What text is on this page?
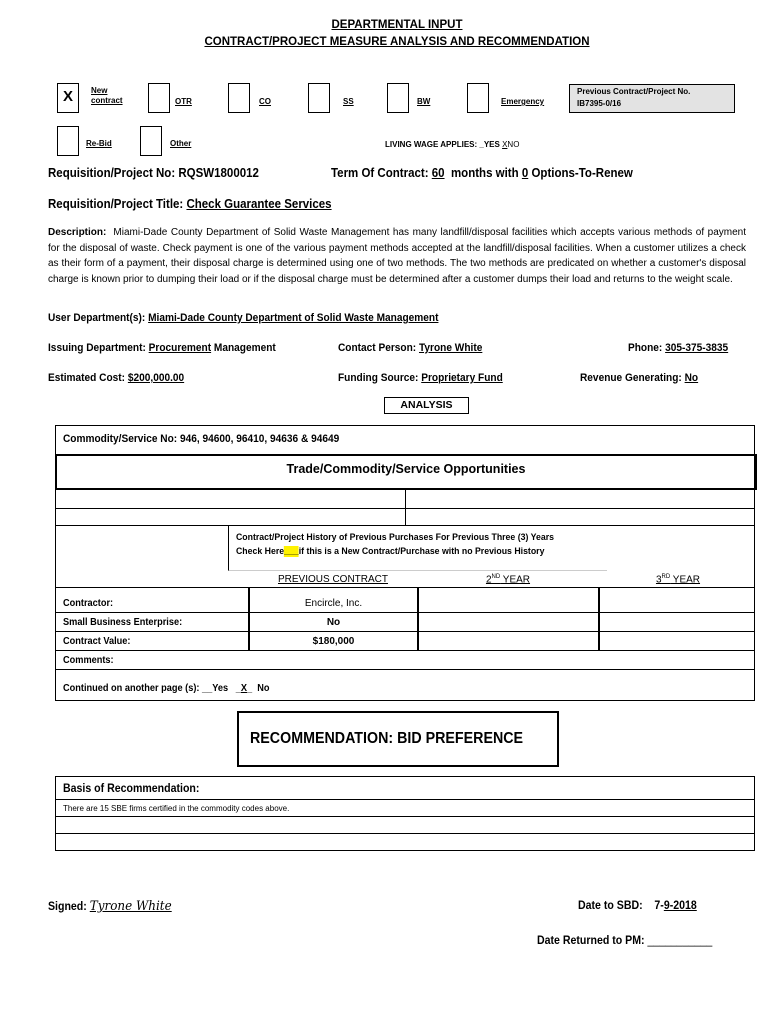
DEPARTMENTAL INPUT
CONTRACT/PROJECT MEASURE ANALYSIS AND RECOMMENDATION
X	New
contract	OTR	CO	SS	BW	Emergency
Previous Contract/Project No.
IB7395-0/16
Re-Bid	Other	LIVING WAGE APPLIES: _YES XNO
Requisition/Project No: RQSW1800012	Term Of Contract: 60 months with 0 Options-To-Renew
Requisition/Project Title: Check Guarantee Services
Description: Miami-Dade County Department of Solid Waste Management has many landfill/disposal facilities which accepts various methods of payment for the disposal of waste. Check payment is one of the various payment methods accepted at the landfill/disposal facilities. When a customer utilizes a check as their form of a payment, their disposal charge is determined using one of two methods. The two methods are predicated on whether a customer's disposal charge is known prior to dumping their load or if the disposal charge must be determined after a customer dumps their load and returns to the weight scale.
User Department(s): Miami-Dade County Department of Solid Waste Management
Issuing Department: Procurement Management	Contact Person: Tyrone White	Phone: 305-375-3835
Estimated Cost: $200,000.00	Funding Source: Proprietary Fund	Revenue Generating: No
ANALYSIS
Commodity/Service No: 946, 94600, 96410, 94636 & 94649
Trade/Commodity/Service Opportunities
Contract/Project History of Previous Purchases For Previous Three (3) Years
Check Here___if this is a New Contract/Purchase with no Previous History
PREVIOUS CONTRACT	2ND YEAR	3RD YEAR
Contractor:	Encircle, Inc.
Small Business Enterprise:	No
Contract Value:	$180,000
Comments:
Continued on another page (s): __Yes   _X_  No
RECOMMENDATION: BID PREFERENCE
Basis of Recommendation:
There are 15 SBE firms certified in the commodity codes above.
Signed: Tyrone White	Date to SBD: 7-9-2018
Date Returned to PM: ___________
